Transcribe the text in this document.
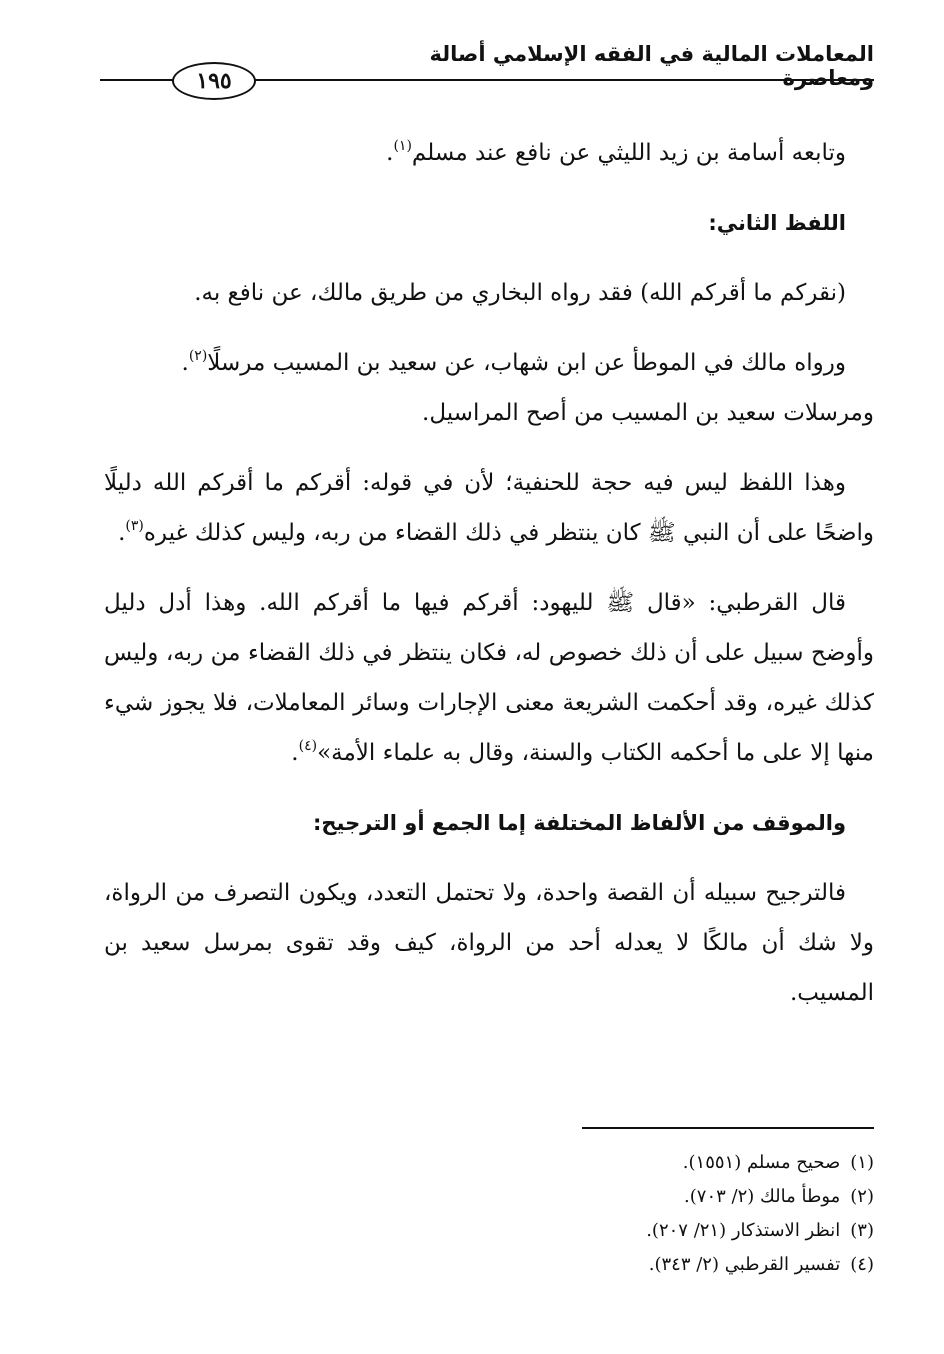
المعاملات المالية في الفقه الإسلامي أصالة ومعاصرة
١٩٥

وتابعه أسامة بن زيد الليثي عن نافع عند مسلم$^{(١)}$.

اللفظ الثاني:

(نقركم ما أقركم الله) فقد رواه البخاري من طريق مالك، عن نافع به.

ورواه مالك في الموطأ عن ابن شهاب، عن سعيد بن المسيب مرسلًا$^{(٢)}$.

ومرسلات سعيد بن المسيب من أصح المراسيل.

وهذا اللفظ ليس فيه حجة للحنفية؛ لأن في قوله: أقركم ما أقركم الله دليلًا واضحًا على أن النبي ﷺ كان ينتظر في ذلك القضاء من ربه، وليس كذلك غيره$^{(٣)}$.

قال القرطبي: «قال ﷺ لليهود: أقركم فيها ما أقركم الله. وهذا أدل دليل وأوضح سبيل على أن ذلك خصوص له، فكان ينتظر في ذلك القضاء من ربه، وليس كذلك غيره، وقد أحكمت الشريعة معنى الإجارات وسائر المعاملات، فلا يجوز شيء منها إلا على ما أحكمه الكتاب والسنة، وقال به علماء الأمة»$^{(٤)}$.

والموقف من الألفاظ المختلفة إما الجمع أو الترجيح:

فالترجيح سبيله أن القصة واحدة، ولا تحتمل التعدد، ويكون التصرف من الرواة، ولا شك أن مالكًا لا يعدله أحد من الرواة، كيف وقد تقوى بمرسل سعيد بن المسيب.

(١)صحيح مسلم (١٥٥١).
(٢)موطأ مالك (٢/ ٧٠٣).
(٣)انظر الاستذكار (٢١/ ٢٠٧).
(٤)تفسير القرطبي (٢/ ٣٤٣).
